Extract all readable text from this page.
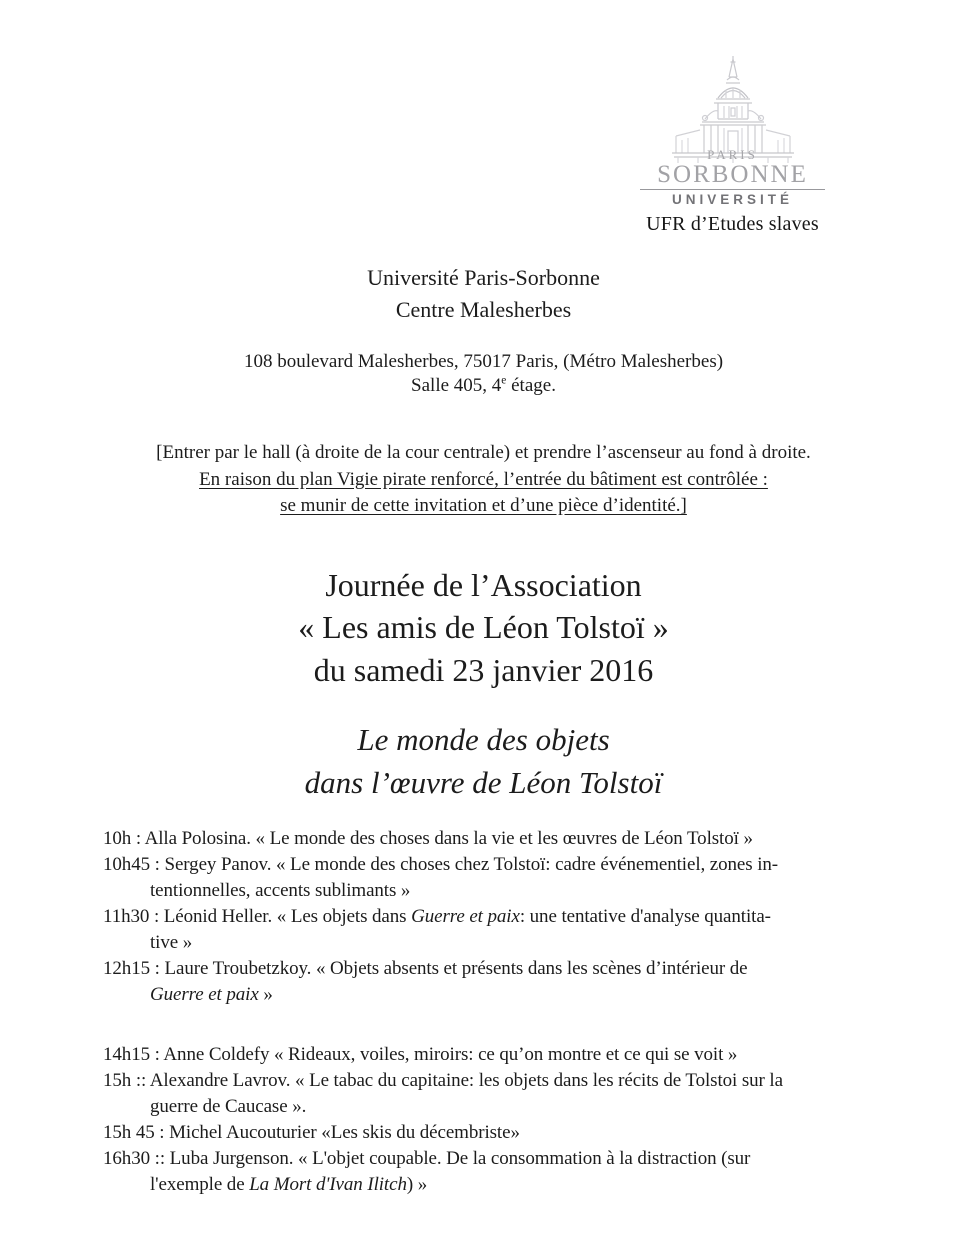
PARIS
SORBONNE
UNIVERSITÉ
UFR d’Etudes slaves
Université Paris-Sorbonne
Centre Malesherbes
108 boulevard Malesherbes, 75017 Paris, (Métro Malesherbes)
Salle 405, 4e étage.
[Entrer par le hall (à droite de la cour centrale) et prendre l’ascenseur au fond à droite.
En raison du plan Vigie pirate renforcé, l’entrée du bâtiment est contrôlée :
se munir de cette invitation et d’une pièce d’identité.]
Journée de l’Association
« Les amis de Léon Tolstoï »
du samedi 23 janvier 2016
Le monde des objets
dans l’œuvre de Léon Tolstoï
10h : Alla Polosina. « Le monde des choses dans la vie et les œuvres de Léon Tolstoï »
10h45 : Sergey Panov. « Le monde des choses chez Tolstoï: cadre événementiel, zones in-
tentionnelles, accents sublimants »
11h30 : Léonid Heller. « Les objets dans Guerre et paix: une tentative d'analyse quantita-
tive »
12h15 : Laure Troubetzkoy. « Objets absents et présents dans les scènes d’intérieur de
Guerre et paix »
14h15 : Anne Coldefy « Rideaux, voiles, miroirs: ce qu’on montre et ce qui se voit »
15h :: Alexandre Lavrov. « Le tabac du capitaine: les objets dans les récits de Tolstoi sur la
guerre de Caucase ».
15h 45 : Michel Aucouturier «Les skis du décembriste»
16h30 :: Luba Jurgenson. « L'objet coupable. De la consommation à la distraction (sur
l'exemple de La Mort d'Ivan Ilitch) »
